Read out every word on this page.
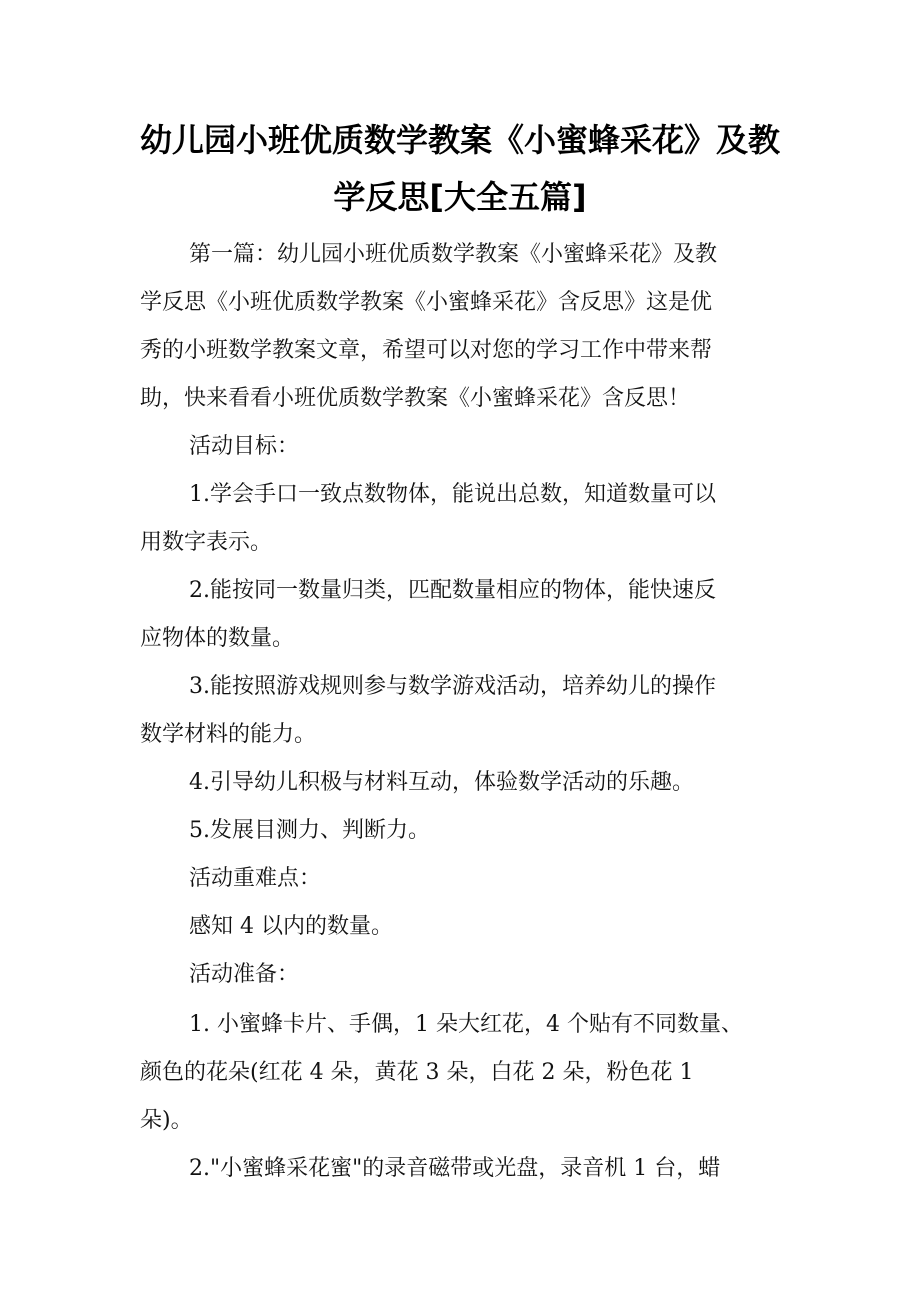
幼儿园小班优质数学教案《小蜜蜂采花》及教
学反思[大全五篇]
第一篇：幼儿园小班优质数学教案《小蜜蜂采花》及教
学反思《小班优质数学教案《小蜜蜂采花》含反思》这是优
秀的小班数学教案文章，希望可以对您的学习工作中带来帮
助，快来看看小班优质数学教案《小蜜蜂采花》含反思！
活动目标：
1.学会手口一致点数物体，能说出总数，知道数量可以
用数字表示。
2.能按同一数量归类，匹配数量相应的物体，能快速反
应物体的数量。
3.能按照游戏规则参与数学游戏活动，培养幼儿的操作
数学材料的能力。
4.引导幼儿积极与材料互动，体验数学活动的乐趣。
5.发展目测力、判断力。
活动重难点：
感知 4 以内的数量。
活动准备：
1. 小蜜蜂卡片、手偶，1 朵大红花，4 个贴有不同数量、
颜色的花朵(红花 4 朵，黄花 3 朵，白花 2 朵，粉色花 1
朵)。
2."小蜜蜂采花蜜"的录音磁带或光盘，录音机 1 台，蜡
